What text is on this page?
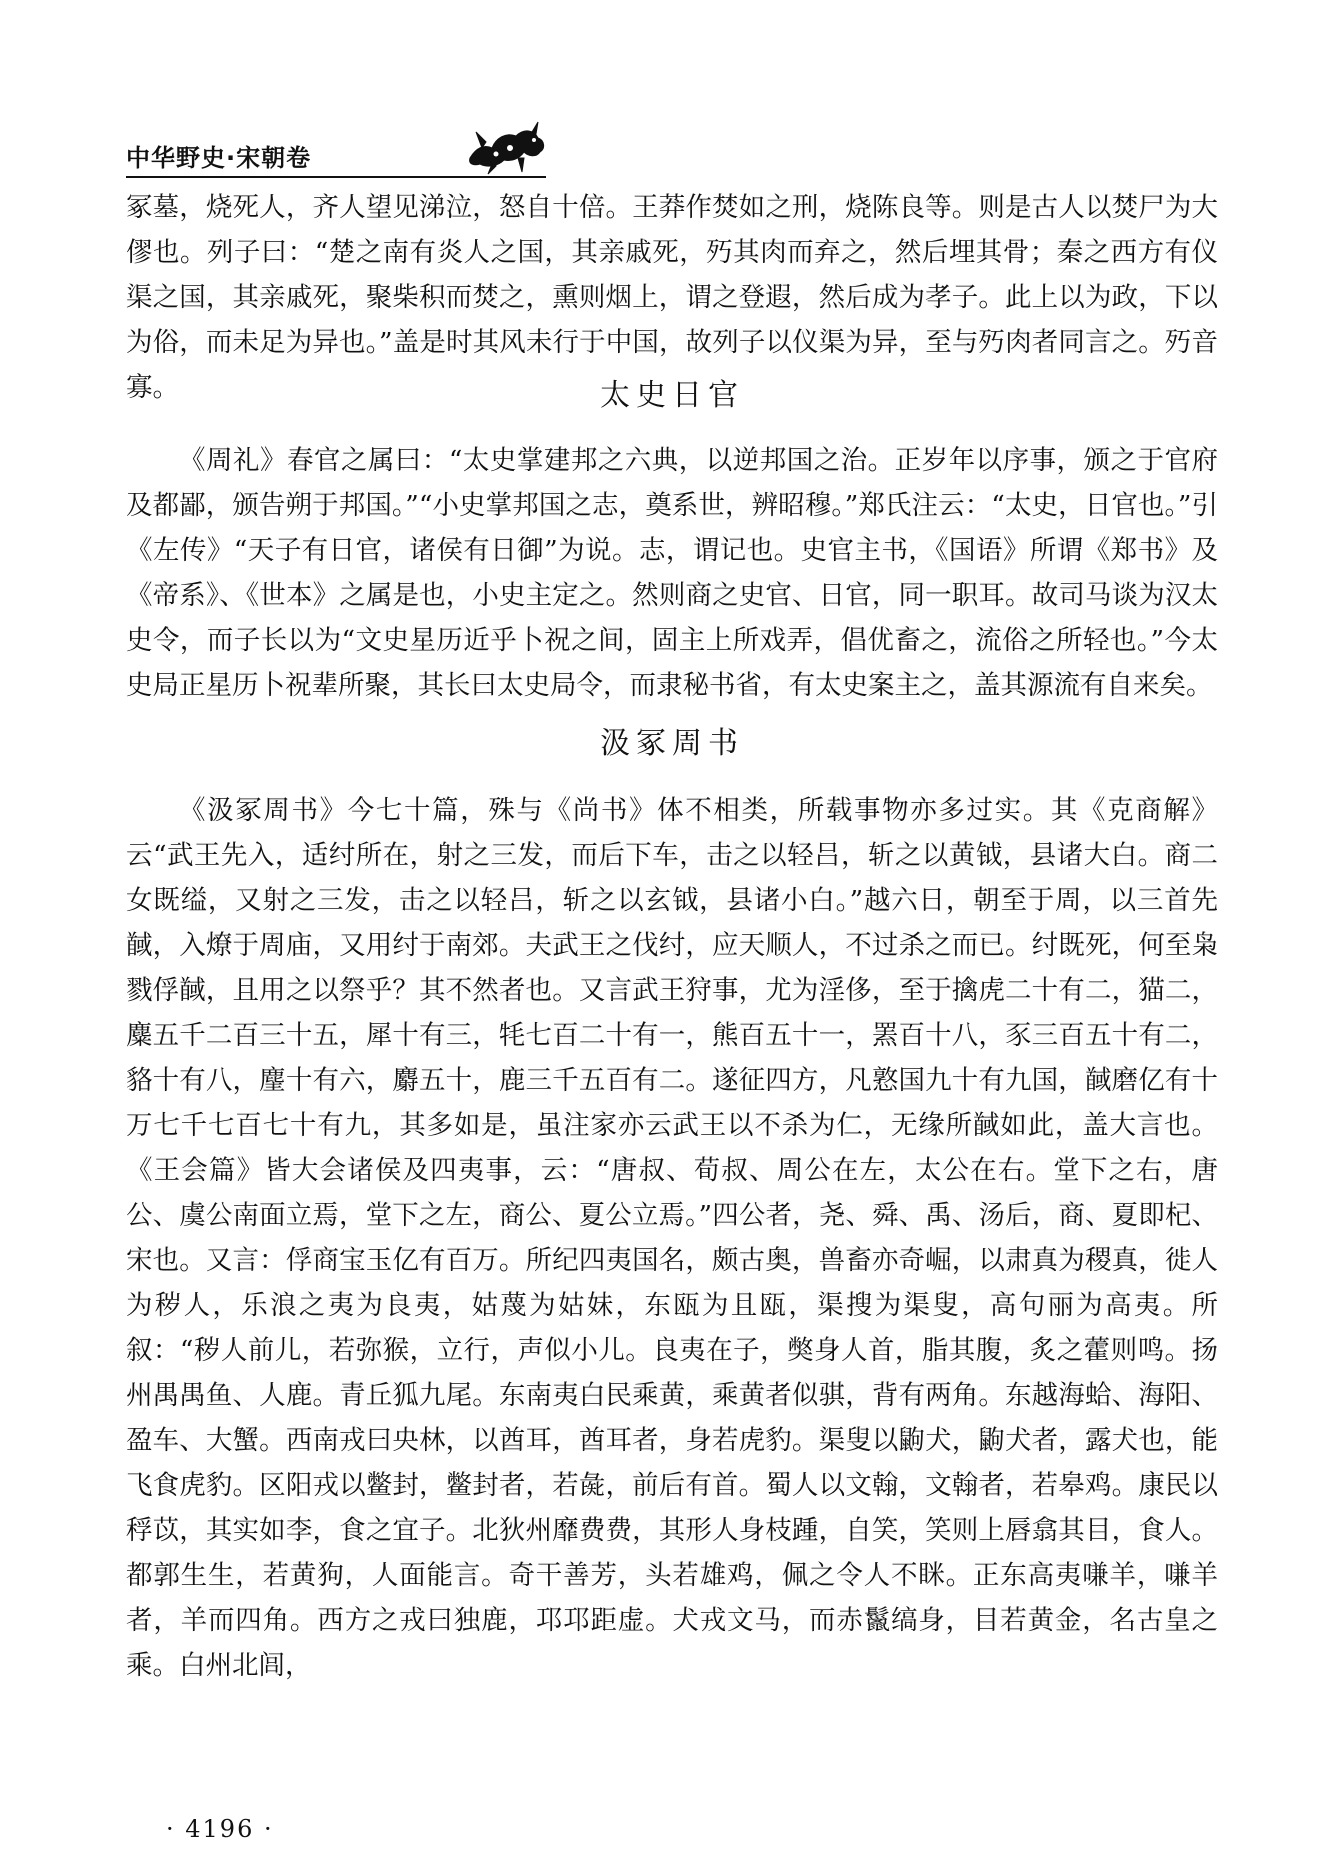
中华野史·宋朝卷

冢墓，烧死人，齐人望见涕泣，怒自十倍。王莽作焚如之刑，烧陈良等。则是古人以焚尸为大僇也。列子曰：“楚之南有炎人之国，其亲戚死，㱙其肉而弃之，然后埋其骨；秦之西方有仪渠之国，其亲戚死，聚柴积而焚之，熏则烟上，谓之登遐，然后成为孝子。此上以为政，下以为俗，而未足为异也。”盖是时其风未行于中国，故列子以仪渠为异，至与㱙肉者同言之。㱙音寡。	太史日官

《周礼》春官之属曰：“太史掌建邦之六典，以逆邦国之治。正岁年以序事，颁之于官府及都鄙，颁告朔于邦国。”“小史掌邦国之志，奠系世，辨昭穆。”郑氏注云：“太史，日官也。”引《左传》“天子有日官，诸侯有日御”为说。志，谓记也。史官主书，《国语》所谓《郑书》及《帝系》、《世本》之属是也，小史主定之。然则商之史官、日官，同一职耳。故司马谈为汉太史令，而子长以为“文史星历近乎卜祝之间，固主上所戏弄，倡优畜之，流俗之所轻也。”今太史局正星历卜祝辈所聚，其长曰太史局令，而隶秘书省，有太史案主之，盖其源流有自来矣。

汲冢周书

《汲冢周书》今七十篇，殊与《尚书》体不相类，所载事物亦多过实。其《克商解》云“武王先入，适纣所在，射之三发，而后下车，击之以轻吕，斩之以黄钺，县诸大白。商二女既缢，又射之三发，击之以轻吕，斩之以玄钺，县诸小白。”越六日，朝至于周，以三首先馘，入燎于周庙，又用纣于南郊。夫武王之伐纣，应天顺人，不过杀之而已。纣既死，何至枭戮俘馘，且用之以祭乎？其不然者也。又言武王狩事，尤为淫侈，至于擒虎二十有二，猫二，麋五千二百三十五，犀十有三，牦七百二十有一，熊百五十一，罴百十八，豕三百五十有二，貉十有八，麈十有六，麝五十，鹿三千五百有二。遂征四方，凡憝国九十有九国，馘磨亿有十万七千七百七十有九，其多如是，虽注家亦云武王以不杀为仁，无缘所馘如此，盖大言也。《王会篇》皆大会诸侯及四夷事，云：“唐叔、荀叔、周公在左，太公在右。堂下之右，唐公、虞公南面立焉，堂下之左，商公、夏公立焉。”四公者，尧、舜、禹、汤后，商、夏即杞、宋也。又言：俘商宝玉亿有百万。所纪四夷国名，颇古奥，兽畜亦奇崛，以肃真为稷真，徙人为秽人，乐浪之夷为良夷，姑蔑为姑妹，东瓯为且瓯，渠搜为渠叟，高句丽为高夷。所叙：“秽人前儿，若弥猴，立行，声似小儿。良夷在子，獘身人首，脂其腹，炙之藿则鸣。扬州禺禺鱼、人鹿。青丘狐九尾。东南夷白民乘黄，乘黄者似骐，背有两角。东越海蛤、海阳、盈车、大蟹。西南戎曰央林，以酋耳，酋耳者，身若虎豹。渠叟以鼩犬，鼩犬者，露犬也，能飞食虎豹。区阳戎以鳖封，鳖封者，若彘，前后有首。蜀人以文翰，文翰者，若皋鸡。康民以稃苡，其实如李，食之宜子。北狄州靡费费，其形人身枝踵，自笑，笑则上唇翕其目，食人。都郭生生，若黄狗，人面能言。奇干善芳，头若雄鸡，佩之令人不眯。正东高夷嗛羊，嗛羊者，羊而四角。西方之戎曰独鹿，邛邛距虚。犬戎文马，而赤鬣缟身，目若黄金，名古皇之乘。白州北闾，

· 4196 ·
